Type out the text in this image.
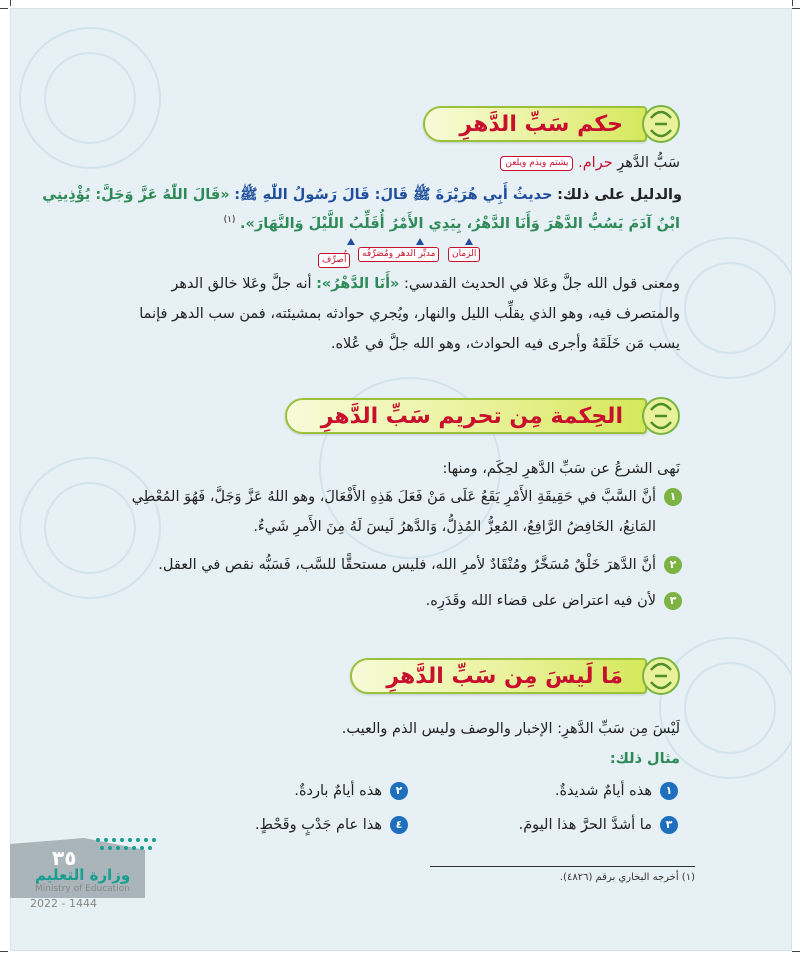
حكم سَبِّ الدَّهرِ
سَبُّ الدَّهرِ حرام. يشتم ويذم ويلعن
والدليل على ذلك: حديثُ أَبِي هُرَيْرَةَ ﷺ قَالَ: قَالَ رَسُولُ اللّٰهِ ﷺ: «قَالَ اللّٰهُ عَزَّ وَجَلَّ: يُؤْذِينِي
ابْنُ آدَمَ يَسُبُّ الدَّهْرَ وَأَنَا الدَّهْرُ، بِيَدِي الأَمْرُ أُقَلِّبُ اللَّيْلَ وَالنَّهَارَ». $^{(١)}$
الزمان
مدبِّر الدهر ومُصَرِّفُه
أُصرِّف
ومعنى قول الله جلَّ وعَلا في الحديث القدسي: «أَنَا الدَّهْرُ»: أنه جلَّ وعَلا خالق الدهر
والمتصرف فيه، وهو الذي يقلِّب الليل والنهار، ويُجري حوادثه بمشيئته، فمن سب الدهر فإنما
يسب مَن خَلَقَهُ وأجرى فيه الحوادث، وهو الله جلَّ في عُلاه.
الحِكمة مِن تحريم سَبِّ الدَّهرِ
نَهى الشرعُ عن سَبِّ الدَّهرِ لحِكَم، ومنها:
١أنَّ السَّبَّ في حَقِيقَةِ الأَمْرِ يَقَعُ عَلَى مَنْ فَعَلَ هَذِهِ الأَفْعَالَ، وهو اللهُ عَزَّ وَجَلَّ، فَهُوَ المُعْطِي
المَانِعُ، الخَافِضُ الرَّافِعُ، المُعِزُّ المُذِلُّ، وَالدَّهرُ لَيسَ لَهُ مِنَ الأَمرِ شَيءٌ.
٢أنَّ الدَّهرَ خَلْقٌ مُسَخَّرٌ ومُنْقَادٌ لأمرِ الله، فليس مستحقًّا للسَّب، فَسَبُّه نقص في العقل.
٣لأن فيه اعتراض على قضاء الله وقَدَرِه.
مَا لَيسَ مِن سَبِّ الدَّهرِ
لَيْسَ مِن سَبِّ الدَّهرِ: الإخبار والوصف وليس الذم والعيب.
مثال ذلك:
١هذه أيامٌ شديدةٌ.
٢هذه أيامٌ باردةٌ.
٣ما أشدَّ الحرَّ هذا اليومَ.
٤هذا عام جَدْبٍ وقَحْطٍ.
(١) أخرجه البخاري برقم (٤٨٢٦).
٣٥
وزارة التعليم
Ministry of Education
2022 - 1444
